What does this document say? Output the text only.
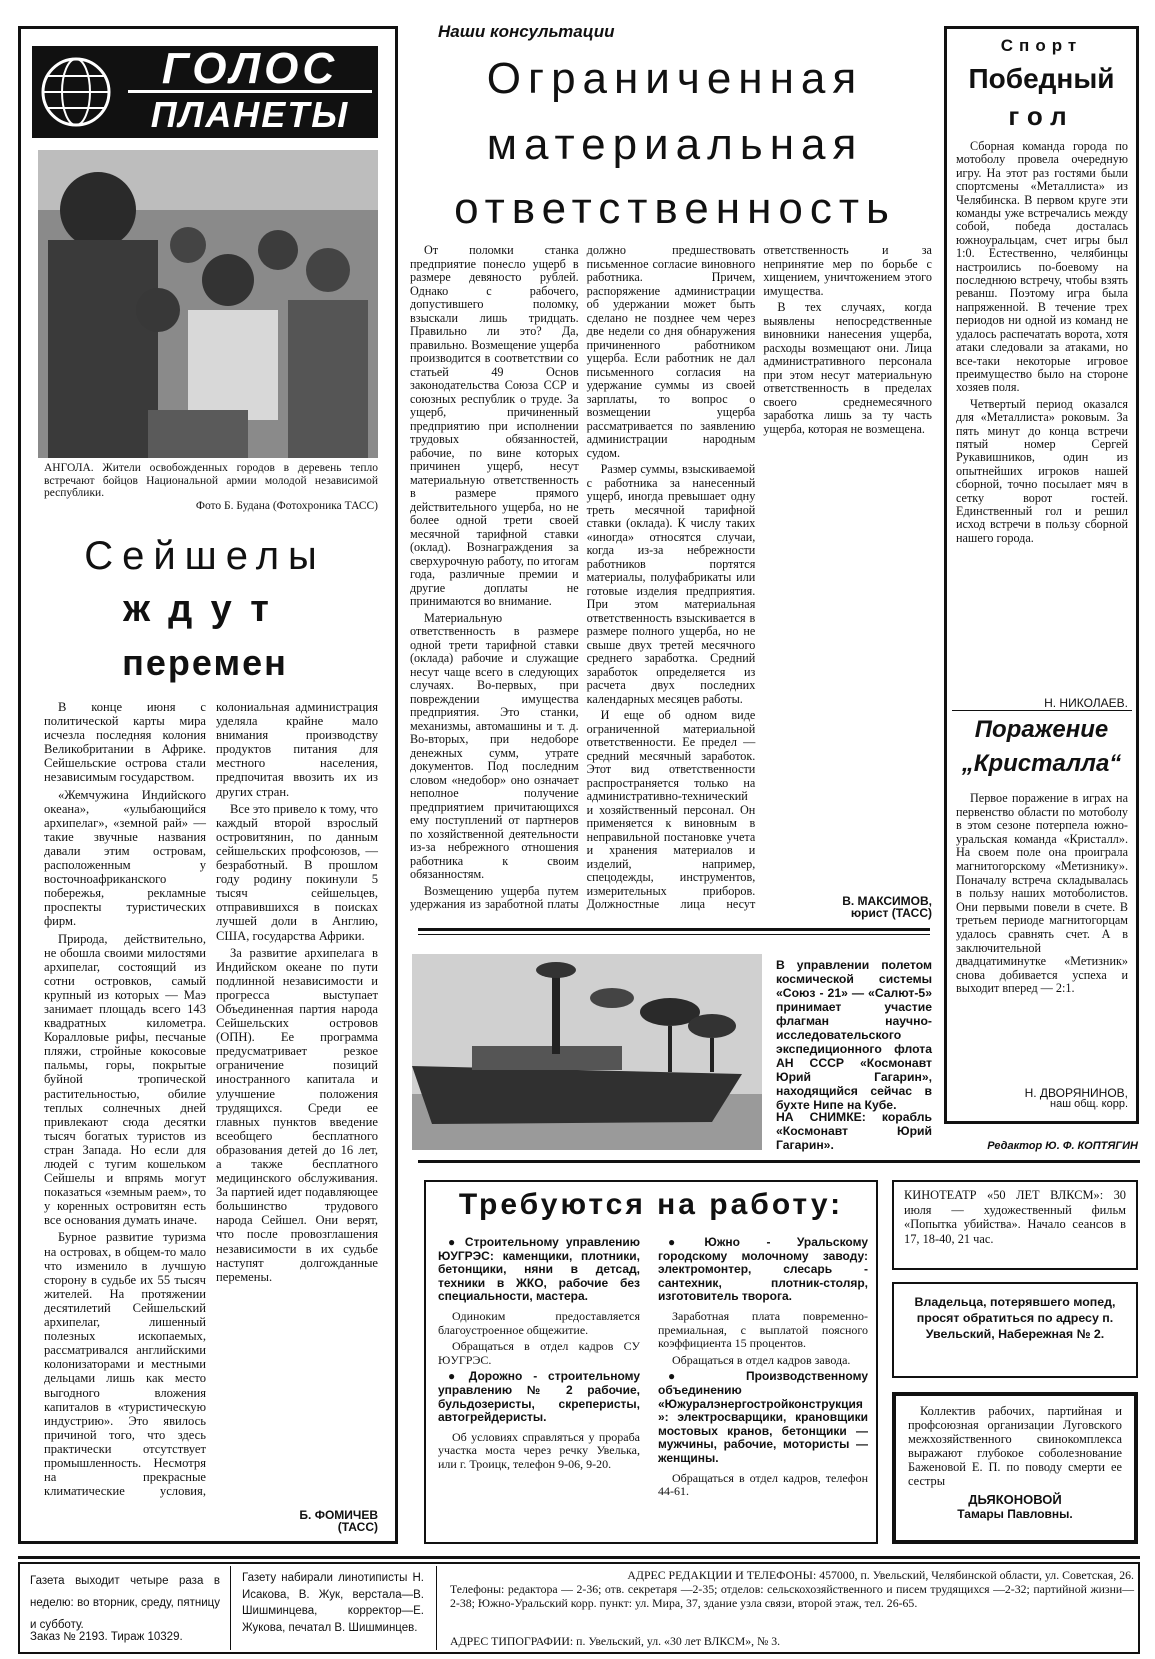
ГОЛОС
ПЛАНЕТЫ
АНГОЛА. Жители освобожденных городов в деревень тепло встречают бойцов Национальной армии молодой независимой республики.
Фото Б. Будана (Фотохроника ТАСС)
Сейшелы
ждут
перемен

В конце июня с политической карты мира исчезла последняя колония Великобритании в Африке. Сейшельские острова стали независимым государством.

«Жемчужина Индийского океана», «улыбающийся архипелаг», «земной рай» — такие звучные названия давали этим островам, расположенным у восточноафриканского побережья, рекламные проспекты туристических фирм.

Природа, действительно, не обошла своими милостями архипелаг, состоящий из сотни островков, самый крупный из которых — Маэ занимает площадь всего 143 квадратных километра. Коралловые рифы, песчаные пляжи, стройные кокосовые пальмы, горы, покрытые буйной тропической растительностью, обилие теплых солнечных дней привлекают сюда десятки тысяч богатых туристов из стран Запада. Но если для людей с тугим кошельком Сейшелы и впрямь могут показаться «земным раем», то у коренных островитян есть все основания думать иначе.

Бурное развитие туризма на островах, в общем-то мало что изменило в лучшую сторону в судьбе их 55 тысяч жителей. На протяжении десятилетий Сейшельский архипелаг, лишенный полезных ископаемых, рассматривался английскими колонизаторами и местными дельцами лишь как место выгодного вложения капиталов в «туристическую индустрию». Это явилось причиной того, что здесь практически отсутствует промышленность. Несмотря на прекрасные климатические условия, колониальная администрация уделяла крайне мало внимания производству продуктов питания для местного населения, предпочитая ввозить их из других стран.

Все это привело к тому, что каждый второй взрослый островитянин, по данным сейшельских профсоюзов, — безработный. В прошлом году родину покинули 5 тысяч сейшельцев, отправившихся в поисках лучшей доли в Англию, США, государства Африки.

За развитие архипелага в Индийском океане по пути подлинной независимости и прогресса выступает Объединенная партия народа Сейшельских островов (ОПН). Ее программа предусматривает резкое ограничение позиций иностранного капитала и улучшение положения трудящихся. Среди ее главных пунктов введение всеобщего бесплатного образования детей до 16 лет, а также бесплатного медицинского обслуживания. За партией идет подавляющее большинство трудового народа Сейшел. Они верят, что после провозглашения независимости в их судьбе наступят долгожданные перемены.

Б. ФОМИЧЕВ
(ТАСС)
Наши консультации
Ограниченная
материальная
ответственность

От поломки станка предприятие понесло ущерб в размере девяносто рублей. Однако с рабочего, допустившего поломку, взыскали лишь тридцать. Правильно ли это? Да, правильно. Возмещение ущерба производится в соответствии со статьей 49 Основ законодательства Союза ССР и союзных республик о труде. За ущерб, причиненный предприятию при исполнении трудовых обязанностей, рабочие, по вине которых причинен ущерб, несут материальную ответственность в размере прямого действительного ущерба, но не более одной трети своей месячной тарифной ставки (оклад). Вознаграждения за сверхурочную работу, по итогам года, различные премии и другие доплаты не принимаются во внимание.

Материальную ответственность в размере одной трети тарифной ставки (оклада) рабочие и служащие несут чаще всего в следующих случаях. Во-первых, при повреждении имущества предприятия. Это станки, механизмы, автомашины и т. д. Во-вторых, при недоборе денежных сумм, утрате документов. Под последним словом «недобор» оно означает неполное получение предприятием причитающихся ему поступлений от партнеров по хозяйственной деятельности из-за небрежного отношения работника к своим обязанностям.

Возмещению ущерба путем удержания из заработной платы должно предшествовать письменное согласие виновного работника. Причем, распоряжение администрации об удержании может быть сделано не позднее чем через две недели со дня обнаружения причиненного работником ущерба. Если работник не дал письменного согласия на удержание суммы из своей зарплаты, то вопрос о возмещении ущерба рассматривается по заявлению администрации народным судом.

Размер суммы, взыскиваемой с работника за нанесенный ущерб, иногда превышает одну треть месячной тарифной ставки (оклада). К числу таких «иногда» относятся случаи, когда из-за небрежности работников портятся материалы, полуфабрикаты или готовые изделия предприятия. При этом материальная ответственность взыскивается в размере полного ущерба, но не свыше двух третей месячного среднего заработка. Средний заработок определяется из расчета двух последних календарных месяцев работы.

И еще об одном виде ограниченной материальной ответственности. Ее предел — средний месячный заработок. Этот вид ответственности распространяется только на административно-технический и хозяйственный персонал. Он применяется к виновным в неправильной постановке учета и хранения материалов и изделий, например, спецодежды, инструментов, измерительных приборов. Должностные лица несут ответственность и за непринятие мер по борьбе с хищением, уничтожением этого имущества.

В тех случаях, когда выявлены непосредственные виновники нанесения ущерба, расходы возмещают они. Лица административного персонала при этом несут материальную ответственность в пределах своего среднемесячного заработка лишь за ту часть ущерба, которая не возмещена.

В. МАКСИМОВ,
юрист (ТАСС)
В управлении полетом космической системы «Союз - 21» — «Салют-5» принимает участие флагман научно-исследовательского экспедиционного флота АН СССР «Космонавт Юрий Гагарин», находящийся сейчас в бухте Нипе на Кубе.
НА СНИМКЕ: корабль «Космонавт Юрий Гагарин».
Спорт
Победный
гол

Сборная команда города по мотоболу провела очередную игру. На этот раз гостями были спортсмены «Металлиста» из Челябинска. В первом круге эти команды уже встречались между собой, победа досталась южноуральцам, счет игры был 1:0. Естественно, челябинцы настроились по-боевому на последнюю встречу, чтобы взять реванш. Поэтому игра была напряженной. В течение трех периодов ни одной из команд не удалось распечатать ворота, хотя атаки следовали за атаками, но все-таки некоторые игровое преимущество было на стороне хозяев поля.

Четвертый период оказался для «Металлиста» роковым. За пять минут до конца встречи пятый номер Сергей Рукавишников, один из опытнейших игроков нашей сборной, точно посылает мяч в сетку ворот гостей. Единственный гол и решил исход встречи в пользу сборной нашего города.

Н. НИКОЛАЕВ.
Поражение
„Кристалла“

Первое поражение в играх на первенство области по мотоболу в этом сезоне потерпела южно-уральская команда «Кристалл». На своем поле она проиграла магнитогорскому «Метизнику». Поначалу встреча складывалась в пользу наших мотоболистов. Они первыми повели в счете. В третьем периоде магнитогорцам удалось сравнять счет. А в заключительной двадцатиминутке «Метизник» снова добивается успеха и выходит вперед — 2:1.

Н. ДВОРЯНИНОВ,
наш общ. корр.
Редактор Ю. Ф. КОПТЯГИН
Требуются на работу:

● Строительному управлению ЮУГРЭС: каменщики, плотники, бетонщики, няни в детсад, техники в ЖКО, рабочие без специальности, мастера.

Одиноким предоставляется благоустроенное общежитие.

Обращаться в отдел кадров СУ ЮУГРЭС.

● Дорожно - строительному управлению № 2 рабочие, бульдозеристы, скреперисты, автогрейдеристы.

Об условиях справляться у прораба участка моста через речку Увелька, или г. Троицк, телефон 9-06, 9-20.

● Южно - Уральскому городскому молочному заводу: электромонтер, слесарь - сантехник, плотник-столяр, изготовитель творога.

Заработная плата повременно-премиальная, с выплатой поясного коэффициента 15 процентов.

Обращаться в отдел кадров завода.

● Производственному объединению «Южуралэнергостройконструкция»: электросварщики, крановщики мостовых кранов, бетонщики — мужчины, рабочие, мотористы — женщины.

Обращаться в отдел кадров, телефон 44-61.

КИНОТЕАТР «50 ЛЕТ ВЛКСМ»: 30 июля — художественный фильм «Попытка убийства». Начало сеансов в 17, 18-40, 21 час.
Владельца, потерявшего мопед, просят обратиться по адресу п. Увельский, Набережная № 2.
Коллектив рабочих, партийная и профсоюзная организации Луговского межхозяйственного свинокомплекса выражают глубокое соболезнование Баженовой Е. П. по поводу смерти ее сестры
ДЬЯКОНОВОЙ
Тамары Павловны.
Газета выходит четыре раза в неделю: во вторник, среду, пятницу и субботу.
Заказ № 2193. Тираж 10329.
Газету набирали линотиписты Н. Исакова, В. Жук, верстала—В. Шишминцева, корректор—Е. Жукова, печатал В. Шишминцев.
АДРЕС РЕДАКЦИИ И ТЕЛЕФОНЫ: 457000, п. Увельский, Челябинской области, ул. Советская, 26.
Телефоны: редактора — 2-36; отв. секретаря —2-35; отделов: сельскохозяйственного и писем трудящихся —2-32; партийной жизни—2-38; Южно-Уральский корр. пункт: ул. Мира, 37, здание узла связи, второй этаж, тел. 26-65.
АДРЕС ТИПОГРАФИИ: п. Увельский, ул. «30 лет ВЛКСМ», № 3.
